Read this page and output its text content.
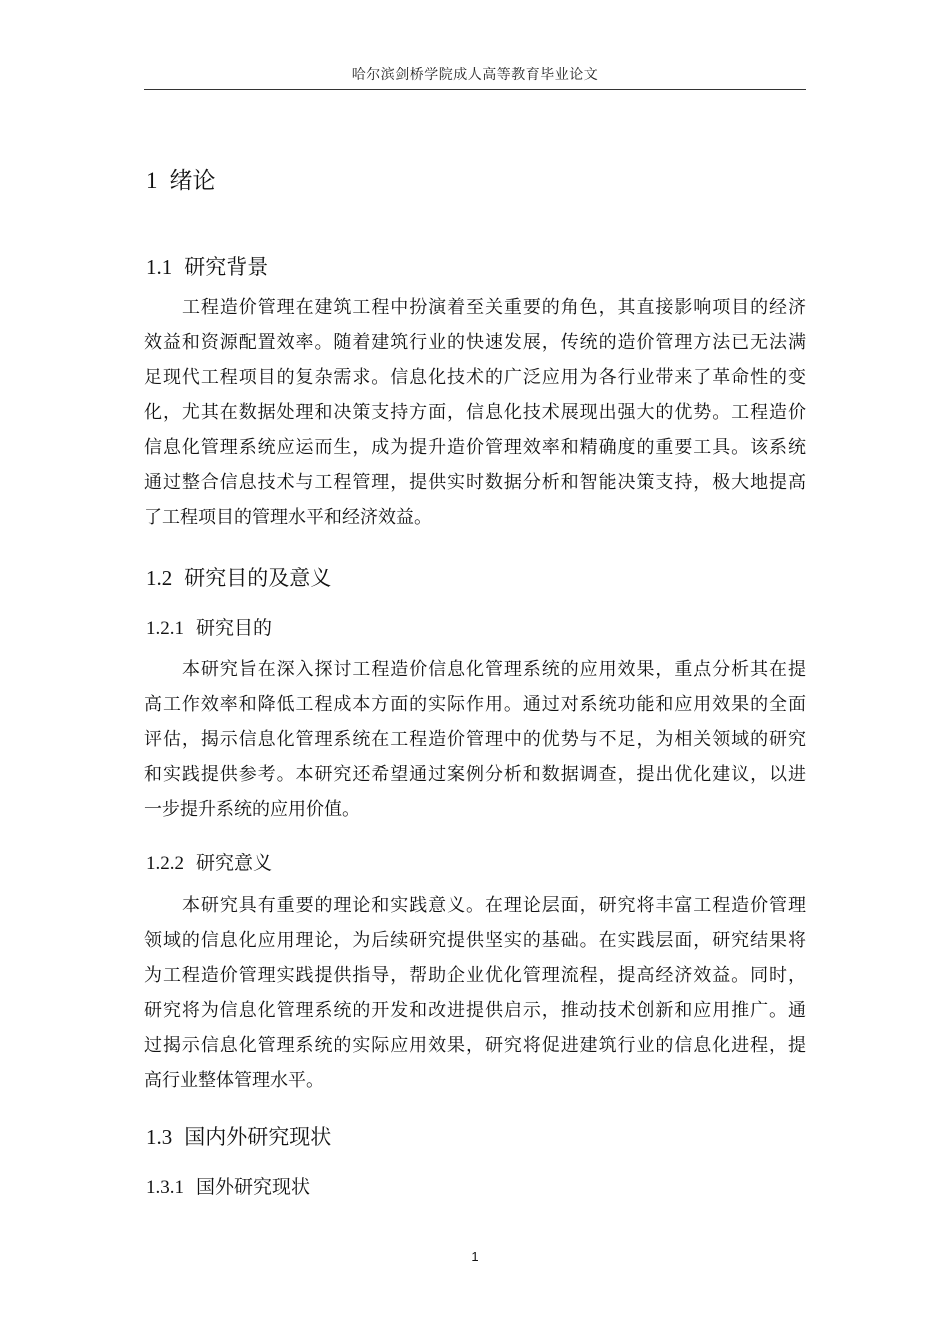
哈尔滨剑桥学院成人高等教育毕业论文
1 绪论
1.1 研究背景
工程造价管理在建筑工程中扮演着至关重要的角色，其直接影响项目的经济
效益和资源配置效率。随着建筑行业的快速发展，传统的造价管理方法已无法满
足现代工程项目的复杂需求。信息化技术的广泛应用为各行业带来了革命性的变
化，尤其在数据处理和决策支持方面，信息化技术展现出强大的优势。工程造价
信息化管理系统应运而生，成为提升造价管理效率和精确度的重要工具。该系统
通过整合信息技术与工程管理，提供实时数据分析和智能决策支持，极大地提高
了工程项目的管理水平和经济效益。
1.2 研究目的及意义
1.2.1 研究目的
本研究旨在深入探讨工程造价信息化管理系统的应用效果，重点分析其在提
高工作效率和降低工程成本方面的实际作用。通过对系统功能和应用效果的全面
评估，揭示信息化管理系统在工程造价管理中的优势与不足，为相关领域的研究
和实践提供参考。本研究还希望通过案例分析和数据调查，提出优化建议，以进
一步提升系统的应用价值。
1.2.2 研究意义
本研究具有重要的理论和实践意义。在理论层面，研究将丰富工程造价管理
领域的信息化应用理论，为后续研究提供坚实的基础。在实践层面，研究结果将
为工程造价管理实践提供指导，帮助企业优化管理流程，提高经济效益。同时，
研究将为信息化管理系统的开发和改进提供启示，推动技术创新和应用推广。通
过揭示信息化管理系统的实际应用效果，研究将促进建筑行业的信息化进程，提
高行业整体管理水平。
1.3 国内外研究现状
1.3.1 国外研究现状
1
